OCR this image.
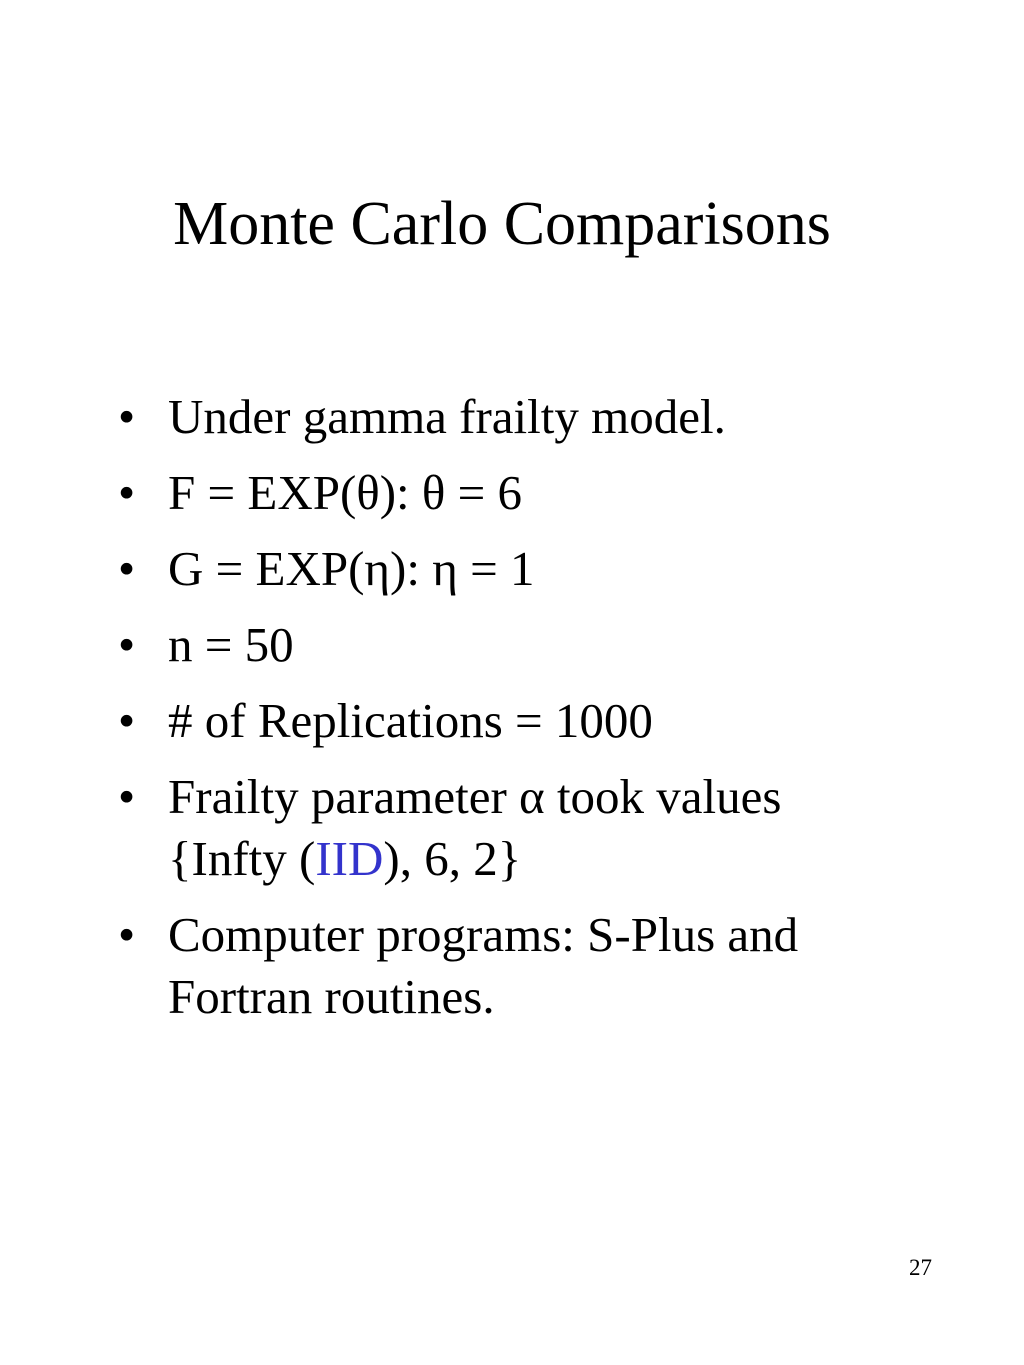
Monte Carlo Comparisons
• Under gamma frailty model.
• F = EXP(θ): θ = 6
• G = EXP(η): η = 1
• n = 50
• # of Replications = 1000
• Frailty parameter α took values {Infty (IID), 6, 2}
• Computer programs: S-Plus and Fortran routines.
27
